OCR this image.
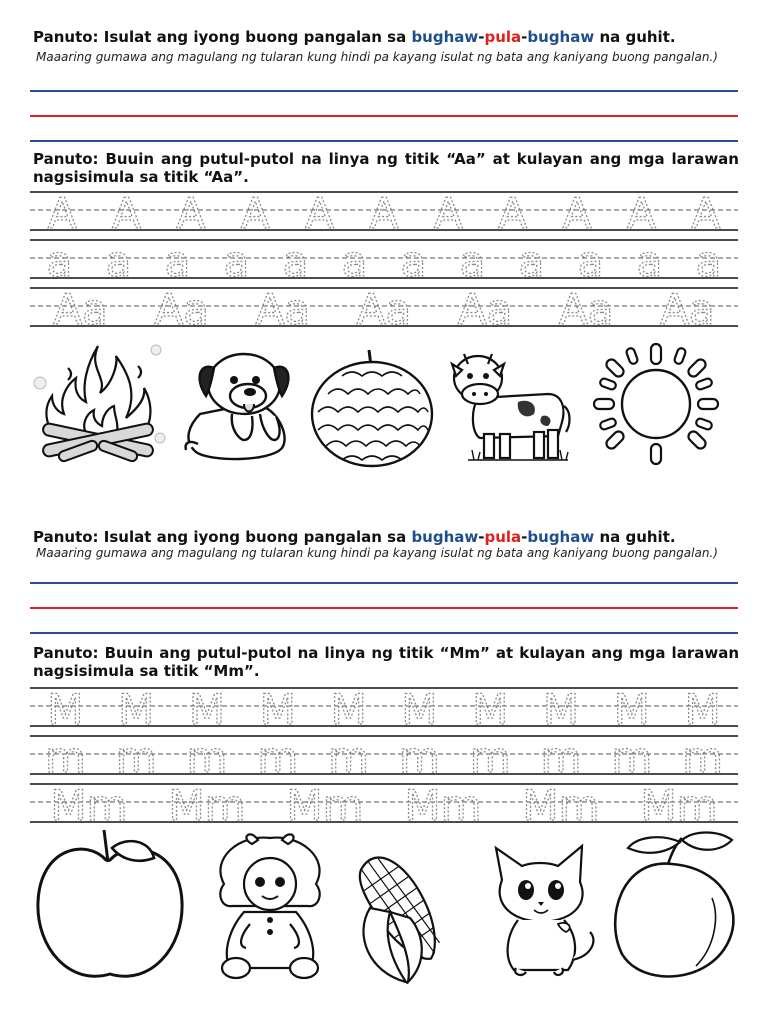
Panuto: Isulat ang iyong buong pangalan sa bughaw-pula-bughaw na guhit.

Maaaring gumawa ang magulang ng tularan kung hindi pa kayang isulat ng bata ang kaniyang buong pangalan.)

Panuto: Buuin ang putul-putol na linya ng titik “Aa” at kulayan ang mga larawan nagsisimula sa titik “Aa”.

A A A A A A A A A A A
a a a a a a a a a a a a
Aa Aa Aa Aa Aa Aa Aa

Panuto: Isulat ang iyong buong pangalan sa bughaw-pula-bughaw na guhit.

Maaaring gumawa ang magulang ng tularan kung hindi pa kayang isulat ng bata ang kaniyang buong pangalan.)

Panuto: Buuin ang putul-putol na linya ng titik “Mm” at kulayan ang mga larawan nagsisimula sa titik “Mm”.

M M M M M M M M M M
m m m m m m m m m m
Mm Mm Mm Mm Mm Mm
